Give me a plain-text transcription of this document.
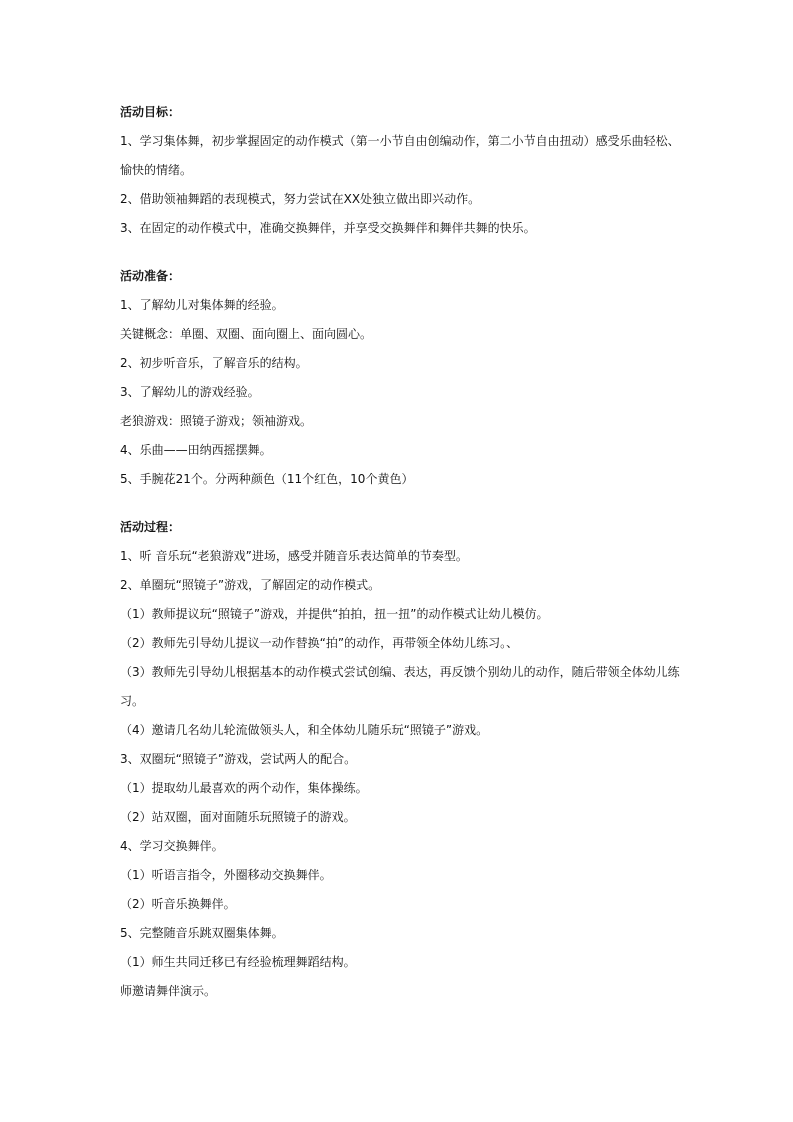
活动目标：

1、学习集体舞，初步掌握固定的动作模式（第一小节自由创编动作，第二小节自由扭动）感受乐曲轻松、

愉快的情绪。

2、借助领袖舞蹈的表现模式，努力尝试在XX处独立做出即兴动作。

3、在固定的动作模式中，准确交换舞伴，并享受交换舞伴和舞伴共舞的快乐。

活动准备：

1、了解幼儿对集体舞的经验。

关键概念：单圈、双圈、面向圈上、面向圆心。

2、初步听音乐，了解音乐的结构。

3、了解幼儿的游戏经验。

老狼游戏：照镜子游戏；领袖游戏。

4、乐曲——田纳西摇摆舞。

5、手腕花21个。分两种颜色（11个红色，10个黄色）

活动过程：

1、听 音乐玩“老狼游戏”进场，感受并随音乐表达简单的节奏型。

2、单圈玩“照镜子”游戏，了解固定的动作模式。

（1）教师提议玩“照镜子”游戏，并提供“拍拍，扭一扭”的动作模式让幼儿模仿。

（2）教师先引导幼儿提议一动作替换“拍”的动作，再带领全体幼儿练习。、

（3）教师先引导幼儿根据基本的动作模式尝试创编、表达，再反馈个别幼儿的动作，随后带领全体幼儿练

习。

（4）邀请几名幼儿轮流做领头人，和全体幼儿随乐玩“照镜子”游戏。

3、双圈玩“照镜子”游戏，尝试两人的配合。

（1）提取幼儿最喜欢的两个动作，集体操练。

（2）站双圈，面对面随乐玩照镜子的游戏。

4、学习交换舞伴。

（1）听语言指令，外圈移动交换舞伴。

（2）听音乐换舞伴。

5、完整随音乐跳双圈集体舞。

（1）师生共同迁移已有经验梳理舞蹈结构。

师邀请舞伴演示。
